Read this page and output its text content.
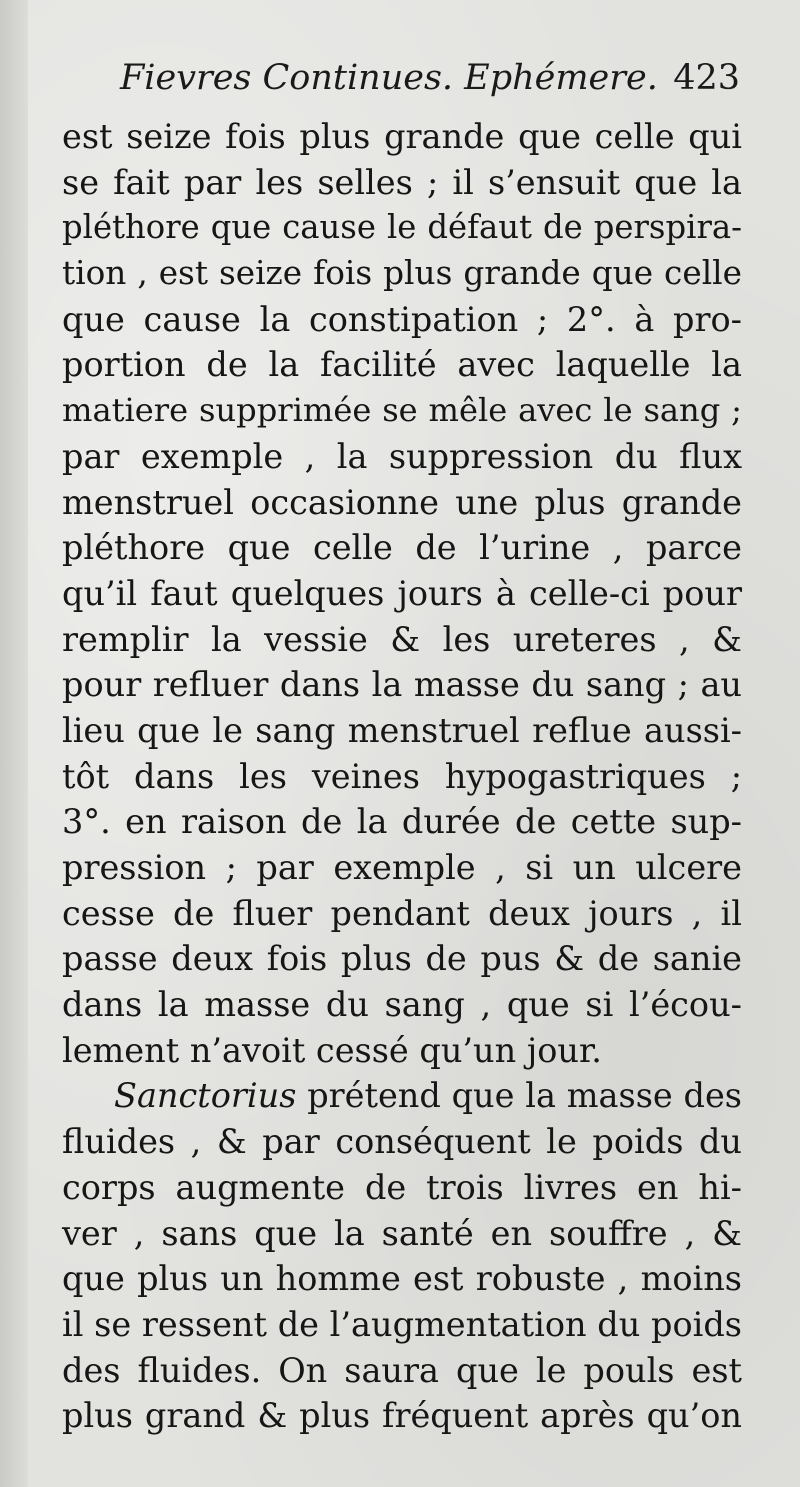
Fievres Continues. Ephémere. 423
est seize fois plus grande que celle qui
se fait par les selles ; il s’ensuit que la
pléthore que cause le défaut de perspira-
tion , est seize fois plus grande que celle
que cause la constipation ; 2°. à pro-
portion de la facilité avec laquelle la
matiere supprimée se mêle avec le sang ;
par exemple , la suppression du flux
menstruel occasionne une plus grande
pléthore que celle de l’urine , parce
qu’il faut quelques jours à celle-ci pour
remplir la vessie & les ureteres , &
pour refluer dans la masse du sang ; au
lieu que le sang menstruel reflue aussi-
tôt dans les veines hypogastriques ;
3°. en raison de la durée de cette sup-
pression ; par exemple , si un ulcere
cesse de fluer pendant deux jours , il
passe deux fois plus de pus & de sanie
dans la masse du sang , que si l’écou-
lement n’avoit cessé qu’un jour.
Sanctorius prétend que la masse des
fluides , & par conséquent le poids du
corps augmente de trois livres en hi-
ver , sans que la santé en souffre , &
que plus un homme est robuste , moins
il se ressent de l’augmentation du poids
des fluides. On saura que le pouls est
plus grand & plus fréquent après qu’on
